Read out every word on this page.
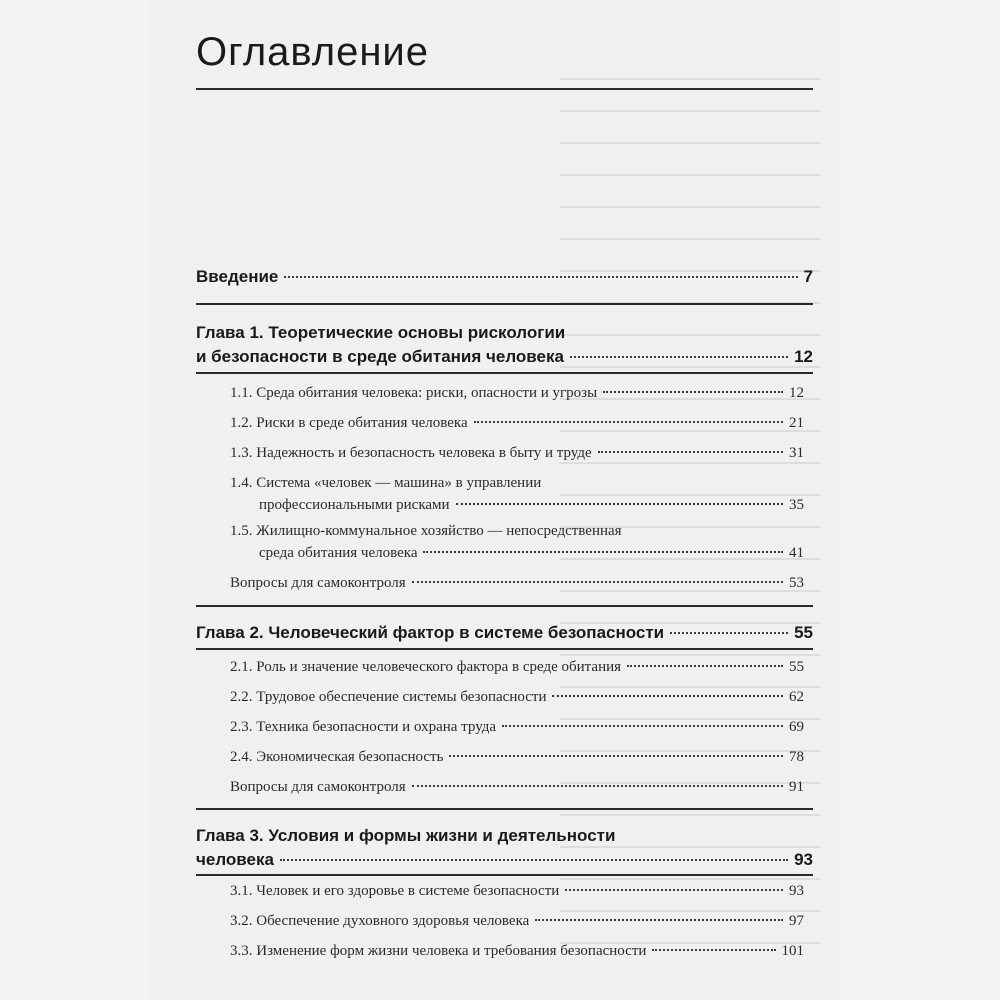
Оглавление
Введение	7
Глава 1. Теоретические основы рискологии
и безопасности в среде обитания человека	12
1.1. Среда обитания человека: риски, опасности и угрозы	12
1.2. Риски в среде обитания человека	21
1.3. Надежность и безопасность человека в быту и труде	31
1.4. Система «человек — машина» в управлении
профессиональными рисками	35
1.5. Жилищно-коммунальное хозяйство — непосредственная
среда обитания человека	41
Вопросы для самоконтроля	53
Глава 2. Человеческий фактор в системе безопасности	55
2.1. Роль и значение человеческого фактора в среде обитания	55
2.2. Трудовое обеспечение системы безопасности	62
2.3. Техника безопасности и охрана труда	69
2.4. Экономическая безопасность	78
Вопросы для самоконтроля	91
Глава 3. Условия и формы жизни и деятельности
человека	93
3.1. Человек и его здоровье в системе безопасности	93
3.2. Обеспечение духовного здоровья человека	97
3.3. Изменение форм жизни человека и требования безопасности	101
